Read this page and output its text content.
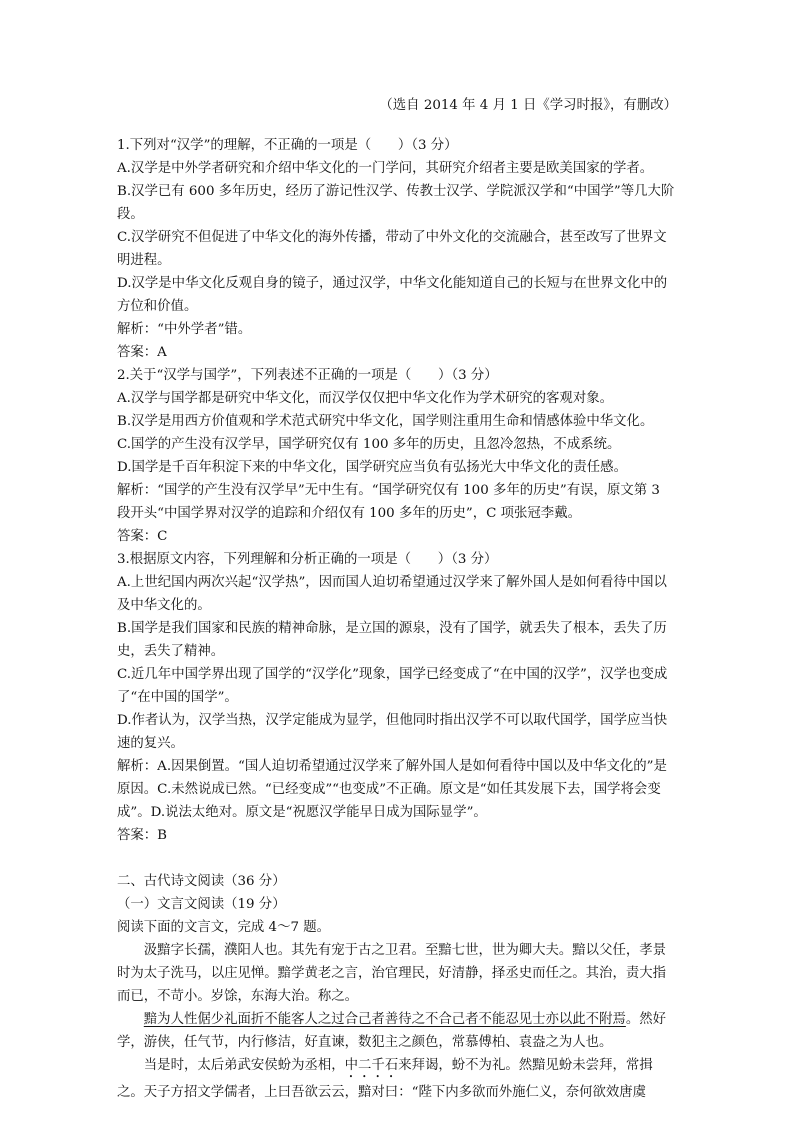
（选自 2014 年 4 月 1 日《学习时报》，有删改）
1.下列对“汉学”的理解，不正确的一项是（　　）（3 分）
A.汉学是中外学者研究和介绍中华文化的一门学问，其研究介绍者主要是欧美国家的学者。
B.汉学已有 600 多年历史，经历了游记性汉学、传教士汉学、学院派汉学和“中国学”等几大阶段。
C.汉学研究不但促进了中华文化的海外传播，带动了中外文化的交流融合，甚至改写了世界文明进程。
D.汉学是中华文化反观自身的镜子，通过汉学，中华文化能知道自己的长短与在世界文化中的方位和价值。
解析：“中外学者”错。
答案：A
2.关于“汉学与国学”，下列表述不正确的一项是（　　）（3 分）
A.汉学与国学都是研究中华文化，而汉学仅仅把中华文化作为学术研究的客观对象。
B.汉学是用西方价值观和学术范式研究中华文化，国学则注重用生命和情感体验中华文化。
C.国学的产生没有汉学早，国学研究仅有 100 多年的历史，且忽冷忽热，不成系统。
D.国学是千百年积淀下来的中华文化，国学研究应当负有弘扬光大中华文化的责任感。
解析：“国学的产生没有汉学早”无中生有。“国学研究仅有 100 多年的历史”有误，原文第 3 段开头“中国学界对汉学的追踪和介绍仅有 100 多年的历史”，C 项张冠李戴。
答案：C
3.根据原文内容，下列理解和分析正确的一项是（　　）（3 分）
A.上世纪国内两次兴起“汉学热”，因而国人迫切希望通过汉学来了解外国人是如何看待中国以及中华文化的。
B.国学是我们国家和民族的精神命脉，是立国的源泉，没有了国学，就丢失了根本，丢失了历史，丢失了精神。
C.近几年中国学界出现了国学的“汉学化”现象，国学已经变成了“在中国的汉学”，汉学也变成了“在中国的国学”。
D.作者认为，汉学当热，汉学定能成为显学，但他同时指出汉学不可以取代国学，国学应当快速的复兴。
解析：A.因果倒置。“国人迫切希望通过汉学来了解外国人是如何看待中国以及中华文化的”是原因。C.未然说成已然。“已经变成”“也变成”不正确。原文是“如任其发展下去，国学将会变成”。D.说法太绝对。原文是“祝愿汉学能早日成为国际显学”。
答案：B
二、古代诗文阅读（36 分）
（一）文言文阅读（19 分）
阅读下面的文言文，完成 4～7 题。
汲黯字长孺，濮阳人也。其先有宠于古之卫君。至黯七世，世为卿大夫。黯以父任，孝景时为太子洗马，以庄见惮。黯学黄老之言，治官理民，好清静，择丞史而任之。其治，责大指而已，不苛小。岁馀，东海大治。称之。
黯为人性倨少礼面折不能客人之过合己者善待之不合己者不能忍见士亦以此不附焉。然好学，游侠，任气节，内行修洁，好直谏，数犯主之颜色，常慕傅柏、袁盎之为人也。
当是时，太后弟武安侯蚡为丞相，中二千石来拜谒，蚡不为礼。然黯见蚡未尝拜，常揖之。天子方招文学儒者，上曰吾欲云云，黯对曰：“陛下内多欲而外施仁义，奈何欲效唐虞
